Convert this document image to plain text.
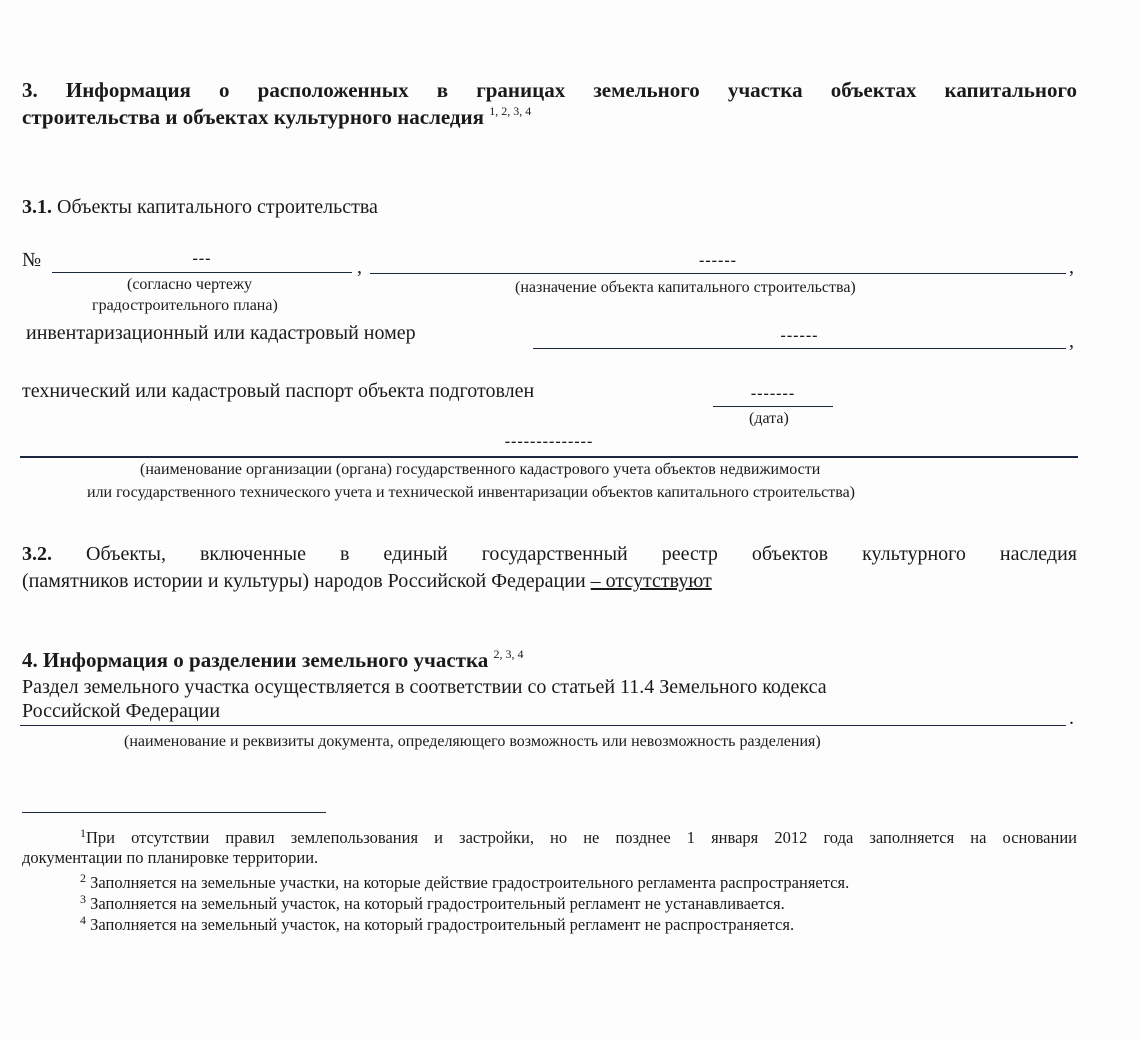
3. Информация о расположенных в границах земельного участка объектах капитального
строительства и объектах культурного наследия $^{1, 2, 3, 4}$
3.1. Объекты капитального строительства
№	---	,	------	,
(согласно чертежу
градостроительного плана)
(назначение объекта капитального строительства)
инвентаризационный или кадастровый номер	------	,
технический или кадастровый паспорт объекта подготовлен	-------
(дата)
--------------
(наименование организации (органа) государственного кадастрового учета объектов недвижимости
или государственного технического учета и технической инвентаризации объектов капитального строительства)
3.2. Объекты, включенные в единый государственный реестр объектов культурного наследия
(памятников истории и культуры) народов Российской Федерации – отсутствуют
4. Информация о разделении земельного участка $^{2, 3, 4}$
Раздел земельного участка осуществляется в соответствии со статьей 11.4 Земельного кодекса
Российской Федерации	.
(наименование и реквизиты документа, определяющего возможность или невозможность разделения)
$^1$При отсутствии правил землепользования и застройки, но не позднее 1 января 2012 года заполняется на основании
документации по планировке территории.
$^2$ Заполняется на земельные участки, на которые действие градостроительного регламента распространяется.
$^3$ Заполняется на земельный участок, на который градостроительный регламент не устанавливается.
$^4$ Заполняется на земельный участок, на который градостроительный регламент не распространяется.
